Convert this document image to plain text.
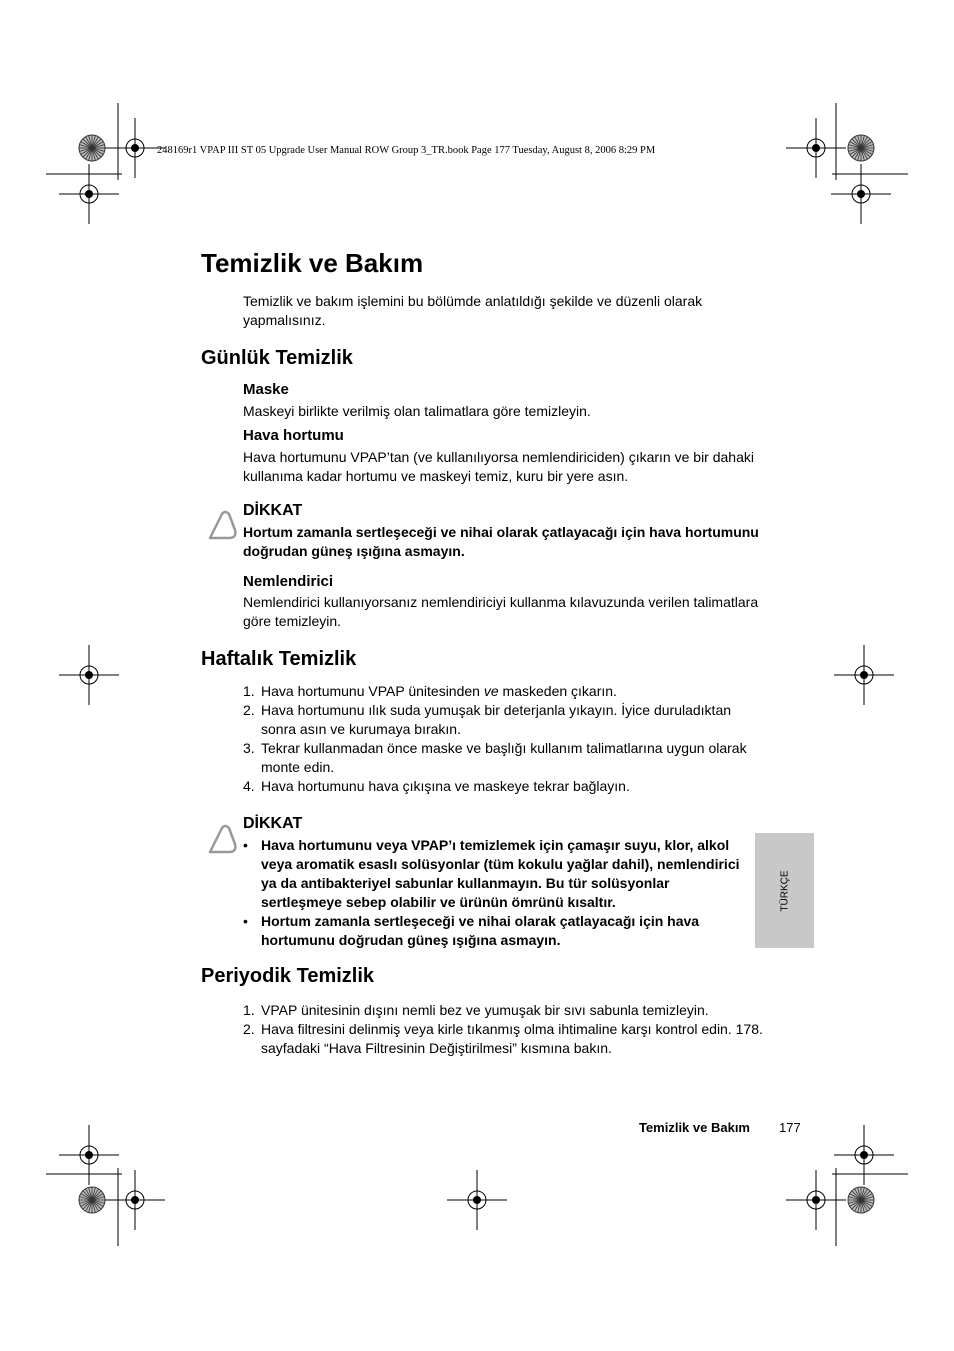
248169r1 VPAP III ST 05 Upgrade User Manual ROW Group 3_TR.book Page 177 Tuesday, August 8, 2006 8:29 PM
Temizlik ve Bakım
Temizlik ve bakım işlemini bu bölümde anlatıldığı şekilde ve düzenli olarak yapmalısınız.
Günlük Temizlik
Maske
Maskeyi birlikte verilmiş olan talimatlara göre temizleyin.
Hava hortumu
Hava hortumunu VPAP’tan (ve kullanılıyorsa nemlendiriciden) çıkarın ve bir dahaki kullanıma kadar hortumu ve maskeyi temiz, kuru bir yere asın.
DİKKAT
Hortum zamanla sertleşeceği ve nihai olarak çatlayacağı için hava hortumunu doğrudan güneş ışığına asmayın.
Nemlendirici
Nemlendirici kullanıyorsanız nemlendiriciyi kullanma kılavuzunda verilen talimatlara göre temizleyin.
Haftalık Temizlik
1. Hava hortumunu VPAP ünitesinden ve maskeden çıkarın.
2. Hava hortumunu ılık suda yumuşak bir deterjanla yıkayın. İyice duruladıktan sonra asın ve kurumaya bırakın.
3. Tekrar kullanmadan önce maske ve başlığı kullanım talimatlarına uygun olarak monte edin.
4. Hava hortumunu hava çıkışına ve maskeye tekrar bağlayın.
DİKKAT
• Hava hortumunu veya VPAP’ı temizlemek için çamaşır suyu, klor, alkol veya aromatik esaslı solüsyonlar (tüm kokulu yağlar dahil), nemlendirici ya da antibakteriyel sabunlar kullanmayın. Bu tür solüsyonlar sertleşmeye sebep olabilir ve ürünün ömrünü kısaltır.
• Hortum zamanla sertleşeceği ve nihai olarak çatlayacağı için hava hortumunu doğrudan güneş ışığına asmayın.
Periyodik Temizlik
1. VPAP ünitesinin dışını nemli bez ve yumuşak bir sıvı sabunla temizleyin.
2. Hava filtresini delinmiş veya kirle tıkanmış olma ihtimaline karşı kontrol edin. 178. sayfadaki “Hava Filtresinin Değiştirilmesi” kısmına bakın.
TÜRKÇE
Temizlik ve Bakım 177
